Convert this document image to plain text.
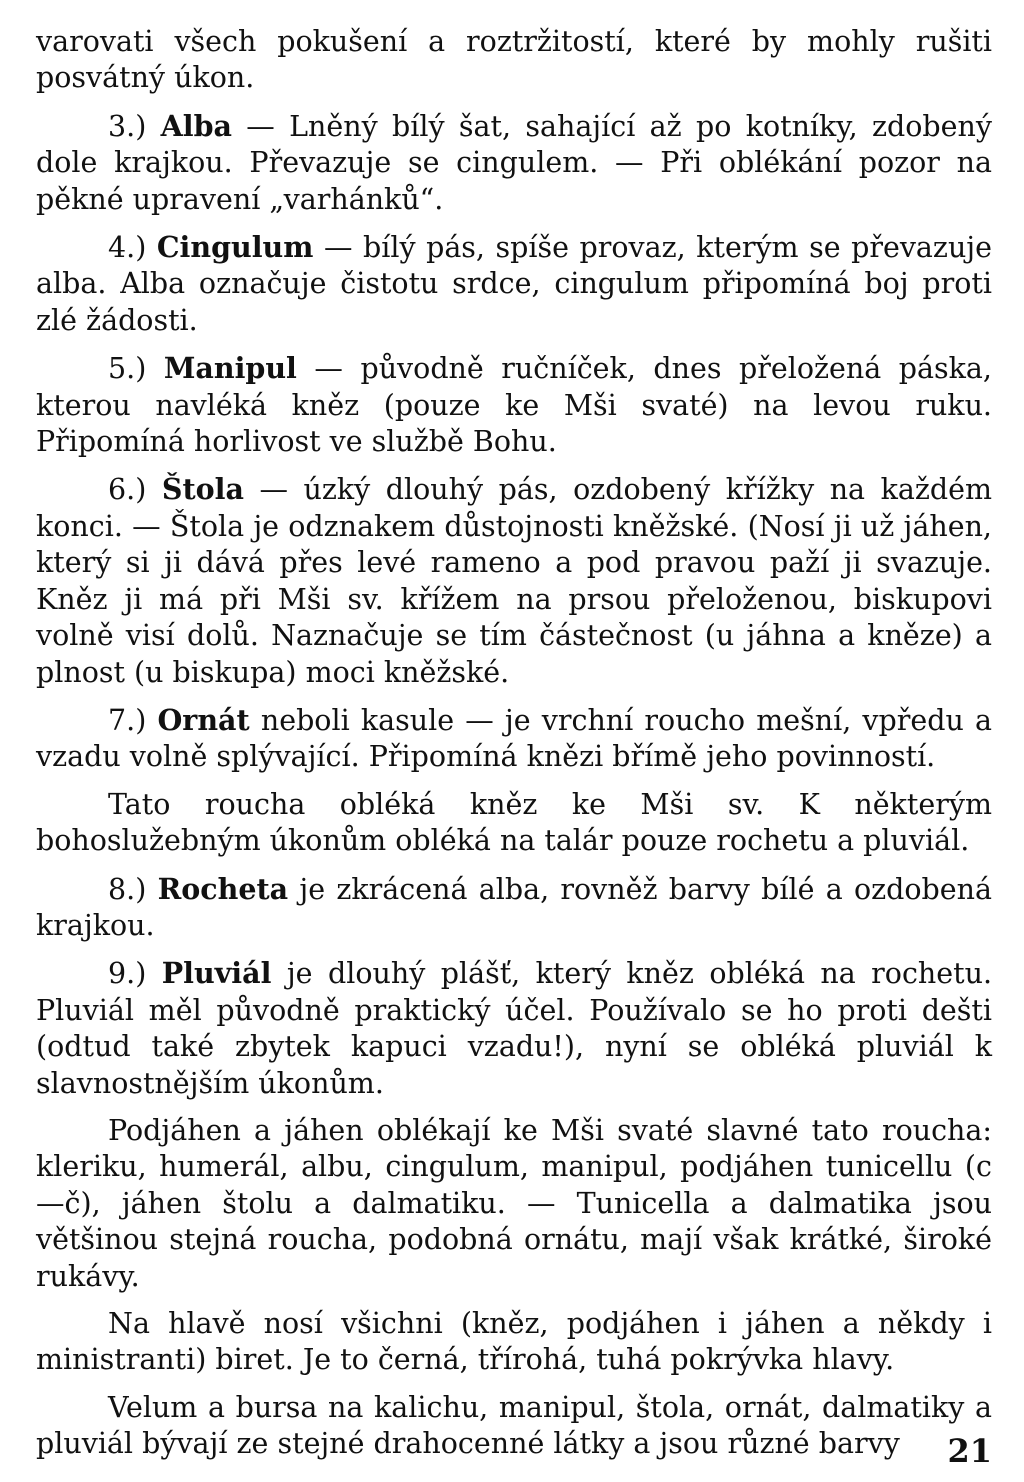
varovati všech pokušení a roztržitostí, které by mohly rušiti posvátný úkon.

3.) Alba — Lněný bílý šat, sahající až po kotníky, zdobený dole krajkou. Převazuje se cingulem. — Při oblékání pozor na pěkné upravení „varhánků“.

4.) Cingulum — bílý pás, spíše provaz, kterým se převazuje alba. Alba označuje čistotu srdce, cingulum připomíná boj proti zlé žádosti.

5.) Manipul — původně ručníček, dnes přeložená páska, kterou navléká kněz (pouze ke Mši svaté) na levou ruku. Připomíná horlivost ve službě Bohu.

6.) Štola — úzký dlouhý pás, ozdobený křížky na každém konci. — Štola je odznakem důstojnosti kněžské. (Nosí ji už jáhen, který si ji dává přes levé rameno a pod pravou paží ji svazuje. Kněz ji má při Mši sv. křížem na prsou přeloženou, biskupovi volně visí dolů. Naznačuje se tím částečnost (u jáhna a kněze) a plnost (u biskupa) moci kněžské.

7.) Ornát neboli kasule — je vrchní roucho mešní, vpředu a vzadu volně splývající. Připomíná knězi břímě jeho povinností.

Tato roucha obléká kněz ke Mši sv. K některým bohoslužebným úkonům obléká na talár pouze rochetu a pluviál.

8.) Rocheta je zkrácená alba, rovněž barvy bílé a ozdobená krajkou.

9.) Pluviál je dlouhý plášť, který kněz obléká na rochetu. Pluviál měl původně praktický účel. Používalo se ho proti dešti (odtud také zbytek kapuci vzadu!), nyní se obléká pluviál k slavnostnějším úkonům.

Podjáhen a jáhen oblékají ke Mši svaté slavné tato roucha: kleriku, humerál, albu, cingulum, manipul, podjáhen tunicellu (c—č), jáhen štolu a dalmatiku. — Tunicella a dalmatika jsou většinou stejná roucha, podobná ornátu, mají však krátké, široké rukávy.

Na hlavě nosí všichni (kněz, podjáhen i jáhen a někdy i ministranti) biret. Je to černá, třírohá, tuhá pokrývka hlavy.

Velum a bursa na kalichu, manipul, štola, ornát, dalmatiky a pluviál bývají ze stejné drahocenné látky a jsou různé barvy	21
